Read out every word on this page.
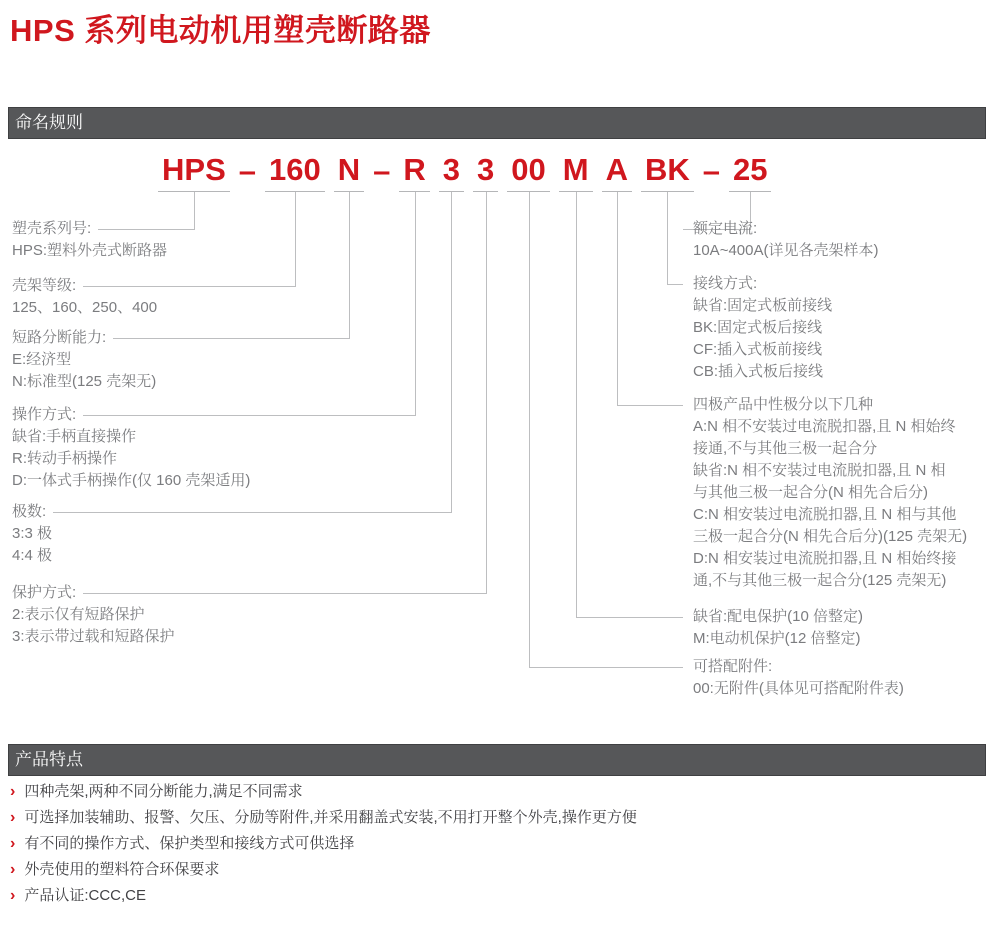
HPS 系列电动机用塑壳断路器
命名规则
HPS – 160 N – R 3 3 00 M A BK – 25
塑壳系列号:
HPS:塑料外壳式断路器
壳架等级:
125、160、250、400
短路分断能力:
E:经济型
N:标准型(125 壳架无)
操作方式:
缺省:手柄直接操作
R:转动手柄操作
D:一体式手柄操作(仅 160 壳架适用)
极数:
3:3 极
4:4 极
保护方式:
2:表示仅有短路保护
3:表示带过载和短路保护
额定电流:
10A~400A(详见各壳架样本)
接线方式:
缺省:固定式板前接线
BK:固定式板后接线
CF:插入式板前接线
CB:插入式板后接线
四极产品中性极分以下几种
A:N 相不安装过电流脱扣器,且 N 相始终
接通,不与其他三极一起合分
缺省:N 相不安装过电流脱扣器,且 N 相
与其他三极一起合分(N 相先合后分)
C:N 相安装过电流脱扣器,且 N 相与其他
三极一起合分(N 相先合后分)(125 壳架无)
D:N 相安装过电流脱扣器,且 N 相始终接
通,不与其他三极一起合分(125 壳架无)
缺省:配电保护(10 倍整定)
M:电动机保护(12 倍整定)
可搭配附件:
00:无附件(具体见可搭配附件表)
产品特点
› 四种壳架,两种不同分断能力,满足不同需求
› 可选择加装辅助、报警、欠压、分励等附件,并采用翻盖式安装,不用打开整个外壳,操作更方便
› 有不同的操作方式、保护类型和接线方式可供选择
› 外壳使用的塑料符合环保要求
› 产品认证:CCC,CE
